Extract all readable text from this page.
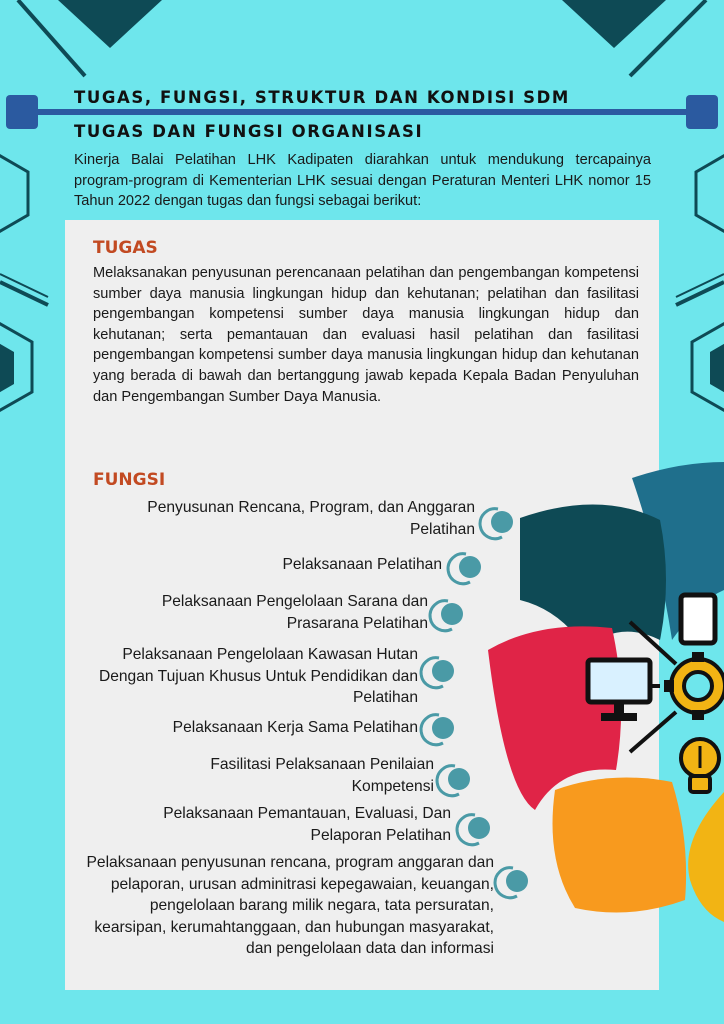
TUGAS, FUNGSI, STRUKTUR DAN KONDISI SDM
TUGAS DAN FUNGSI ORGANISASI

Kinerja Balai Pelatihan LHK Kadipaten diarahkan untuk mendukung tercapainya program-program di Kementerian LHK sesuai dengan Peraturan Menteri LHK nomor 15 Tahun 2022 dengan tugas dan fungsi sebagai berikut:

TUGAS

Melaksanakan penyusunan perencanaan pelatihan dan pengembangan kompetensi sumber daya manusia lingkungan hidup dan kehutanan; pelatihan dan fasilitasi pengembangan kompetensi sumber daya manusia lingkungan hidup dan kehutanan; serta pemantauan dan evaluasi hasil pelatihan dan fasilitasi pengembangan kompetensi sumber daya manusia lingkungan hidup dan kehutanan yang berada di bawah dan bertanggung jawab kepada Kepala Badan Penyuluhan dan Pengembangan Sumber Daya Manusia.

FUNGSI

Penyusunan Rencana, Program, dan Anggaran Pelatihan

Pelaksanaan Pelatihan

Pelaksanaan Pengelolaan Sarana dan Prasarana Pelatihan

Pelaksanaan Pengelolaan Kawasan Hutan Dengan Tujuan Khusus Untuk Pendidikan dan Pelatihan

Pelaksanaan Kerja Sama Pelatihan

Fasilitasi Pelaksanaan Penilaian Kompetensi

Pelaksanaan Pemantauan, Evaluasi, Dan Pelaporan Pelatihan

Pelaksanaan penyusunan rencana, program anggaran dan pelaporan, urusan adminitrasi kepegawaian, keuangan, pengelolaan barang milik negara, tata persuratan, kearsipan, kerumahtanggaan, dan hubungan masyarakat, dan pengelolaan data dan informasi
